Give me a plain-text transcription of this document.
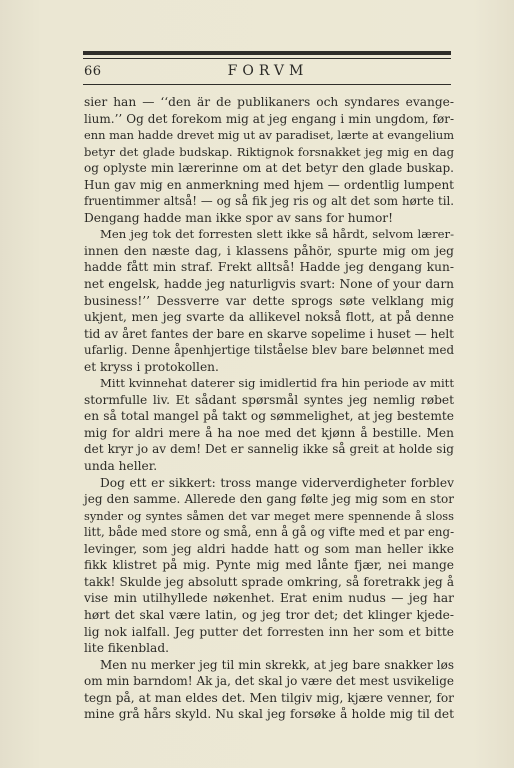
66	FORVM
sier han — ‘‘den är de publikaners och syndares evange-
lium.’’ Og det forekom mig at jeg engang i min ungdom, før-
enn man hadde drevet mig ut av paradiset, lærte at evangelium
betyr det glade budskap. Riktignok forsnakket jeg mig en dag
og oplyste min lærerinne om at det betyr den glade buskap.
Hun gav mig en anmerkning med hjem — ordentlig lumpent
fruentimmer altså! — og så fik jeg ris og alt det som hørte til.
Dengang hadde man ikke spor av sans for humor!
Men jeg tok det forresten slett ikke så hårdt, selvom lærer-
innen den næste dag, i klassens påhör, spurte mig om jeg
hadde fått min straf. Frekt alltså! Hadde jeg dengang kun-
net engelsk, hadde jeg naturligvis svart: None of your darn
business!’’ Dessverre var dette sprogs søte velklang mig
ukjent, men jeg svarte da allikevel nokså flott, at på denne
tid av året fantes der bare en skarve sopelime i huset — helt
ufarlig. Denne åpenhjertige tilståelse blev bare belønnet med
et kryss i protokollen.
Mitt kvinnehat daterer sig imidlertid fra hin periode av mitt
stormfulle liv. Et sådant spørsmål syntes jeg nemlig røbet
en så total mangel på takt og sømmelighet, at jeg bestemte
mig for aldri mere å ha noe med det kjønn å bestille. Men
det kryr jo av dem! Det er sannelig ikke så greit at holde sig
unda heller.
Dog ett er sikkert: tross mange viderverdigheter forblev
jeg den samme. Allerede den gang følte jeg mig som en stor
synder og syntes såmen det var meget mere spennende å sloss
litt, både med store og små, enn å gå og vifte med et par eng-
levinger, som jeg aldri hadde hatt og som man heller ikke
fikk klistret på mig. Pynte mig med lånte fjær, nei mange
takk! Skulde jeg absolutt sprade omkring, så foretrakk jeg å
vise min utilhyllede nøkenhet. Erat enim nudus — jeg har
hørt det skal være latin, og jeg tror det; det klinger kjede-
lig nok ialfall. Jeg putter det forresten inn her som et bitte
lite fikenblad.
Men nu merker jeg til min skrekk, at jeg bare snakker løs
om min barndom! Ak ja, det skal jo være det mest usvikelige
tegn på, at man eldes det. Men tilgiv mig, kjære venner, for
mine grå hårs skyld. Nu skal jeg forsøke å holde mig til det
